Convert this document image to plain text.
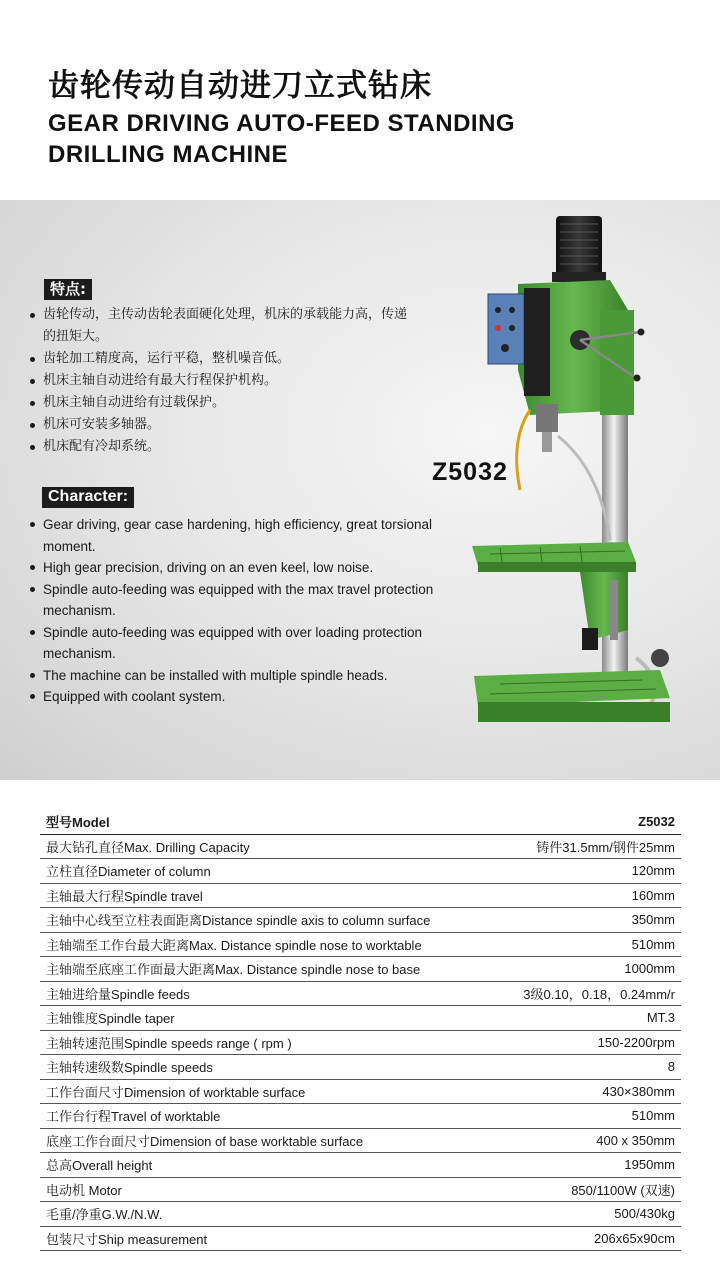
齿轮传动自动进刀立式钻床
GEAR DRIVING AUTO-FEED STANDING DRILLING MACHINE
特点:
齿轮传动，主传动齿轮表面硬化处理，机床的承载能力高，传递的扭矩大。
齿轮加工精度高，运行平稳，整机噪音低。
机床主轴自动进给有最大行程保护机构。
机床主轴自动进给有过载保护。
机床可安装多轴器。
机床配有冷却系统。
Character:
Gear driving, gear case hardening, high efficiency, great torsional moment.
High gear precision, driving on an even keel, low noise.
Spindle auto-feeding was equipped with the max travel protection mechanism.
Spindle auto-feeding was equipped with over loading protection mechanism.
The machine can be installed with multiple spindle heads.
Equipped with coolant system.
Z5032
型号Model	Z5032
最大钻孔直径Max. Drilling Capacity	铸件31.5mm/钢件25mm
立柱直径Diameter of column	120mm
主轴最大行程Spindle travel	160mm
主轴中心线至立柱表面距离Distance spindle axis to column surface	350mm
主轴端至工作台最大距离Max. Distance spindle nose to worktable	510mm
主轴端至底座工作面最大距离Max. Distance spindle nose to base	1000mm
主轴进给量Spindle feeds	3级0.10，0.18，0.24mm/r
主轴锥度Spindle taper	MT.3
主轴转速范围Spindle speeds range ( rpm )	150-2200rpm
主轴转速级数Spindle speeds	8
工作台面尺寸Dimension of worktable surface	430×380mm
工作台行程Travel of worktable	510mm
底座工作台面尺寸Dimension of base worktable surface	400 x 350mm
总高Overall height	1950mm
电动机 Motor	850/1100W (双速)
毛重/净重G.W./N.W.	500/430kg
包装尺寸Ship measurement	206x65x90cm
